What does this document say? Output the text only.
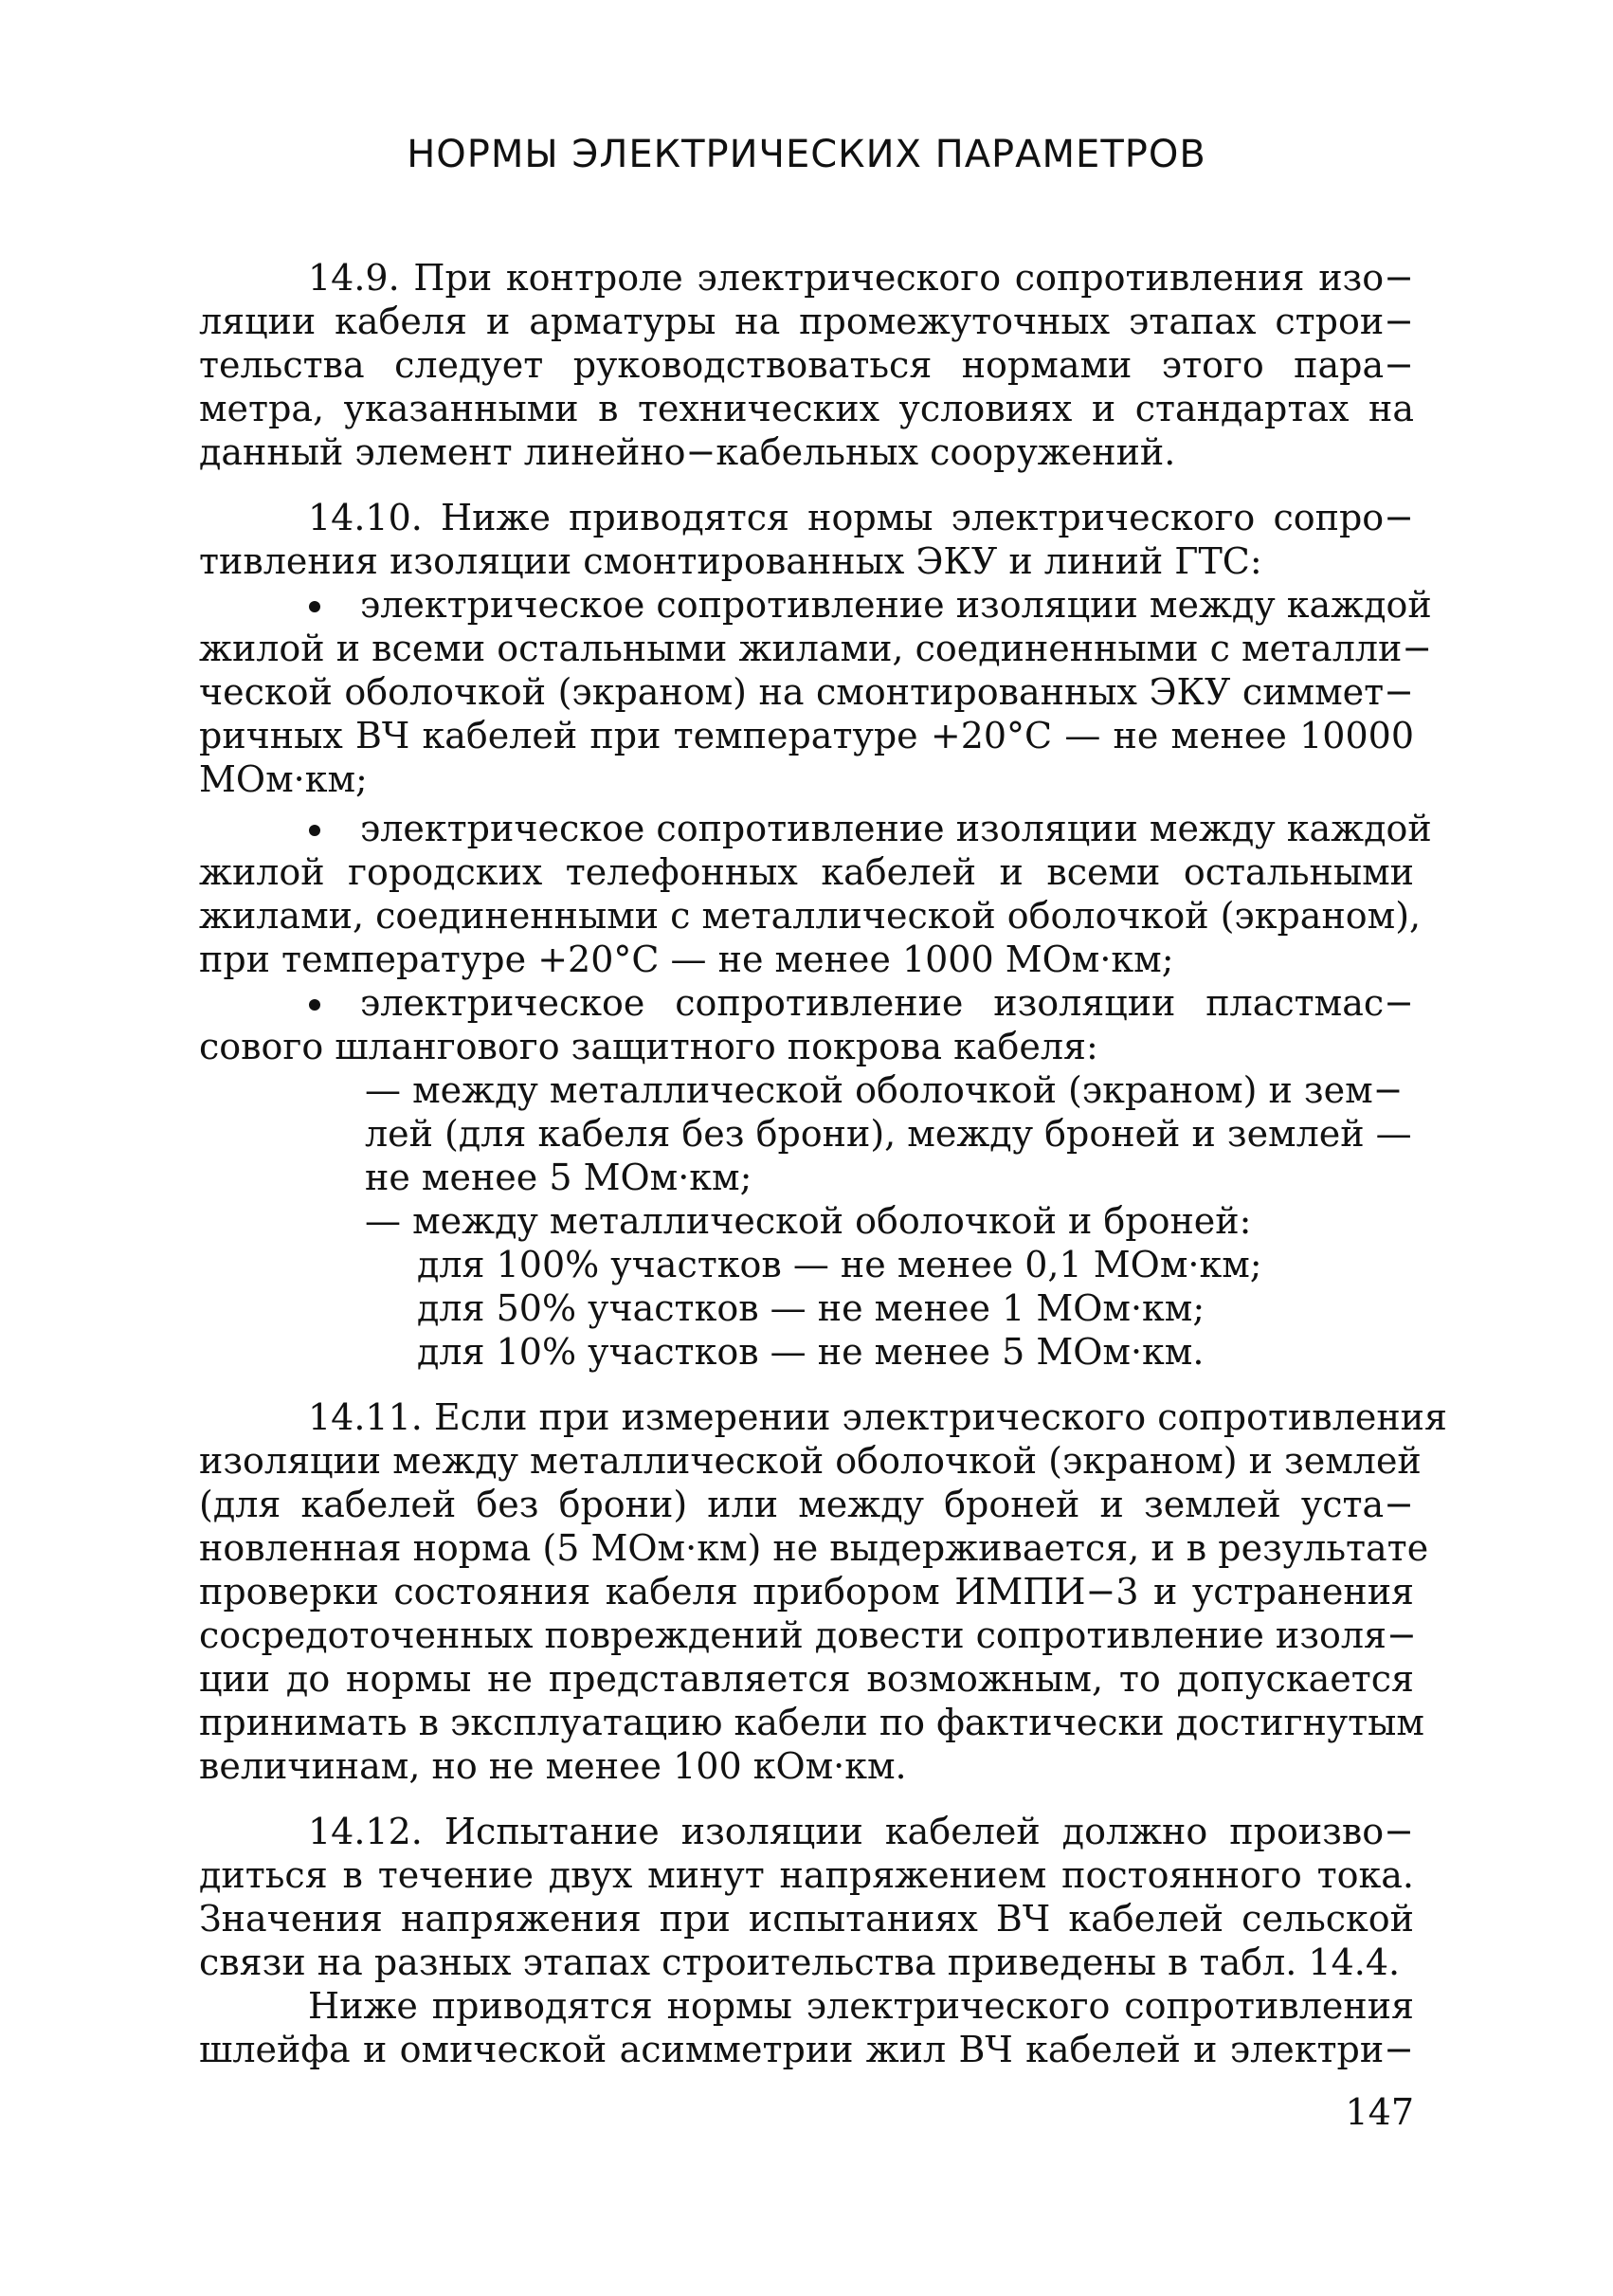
НОРМЫ ЭЛЕКТРИЧЕСКИХ ПАРАМЕТРОВ
14.9. При контроле электрического сопротивления изо−
ляции кабеля и арматуры на промежуточных этапах строи−
тельства следует руководствоваться нормами этого пара−
метра, указанными в технических условиях и стандартах на
данный элемент линейно−кабельных сооружений.
14.10. Ниже приводятся нормы электрического сопро−
тивления изоляции смонтированных ЭКУ и линий ГТС:
электрическое сопротивление изоляции между каждой
жилой и всеми остальными жилами, соединенными с металли−
ческой оболочкой (экраном) на смонтированных ЭКУ симмет−
ричных ВЧ кабелей при температуре +20°С — не менее 10000
МОм·км;
электрическое сопротивление изоляции между каждой
жилой городских телефонных кабелей и всеми остальными
жилами, соединенными с металлической оболочкой (экраном),
при температуре +20°С — не менее 1000 МОм·км;
электрическое сопротивление изоляции пластмас−
сового шлангового защитного покрова кабеля:
— между металлической оболочкой (экраном) и зем−
лей (для кабеля без брони), между броней и землей —
не менее 5 МОм·км;
— между металлической оболочкой и броней:
для 100% участков — не менее 0,1 МОм·км;
для 50% участков — не менее 1 МОм·км;
для 10% участков — не менее 5 МОм·км.
14.11. Если при измерении электрического сопротивления
изоляции между металлической оболочкой (экраном) и землей
(для кабелей без брони) или между броней и землей уста−
новленная норма (5 МОм·км) не выдерживается, и в результате
проверки состояния кабеля прибором ИМПИ−3 и устранения
сосредоточенных повреждений довести сопротивление изоля−
ции до нормы не представляется возможным, то допускается
принимать в эксплуатацию кабели по фактически достигнутым
величинам, но не менее 100 кОм·км.
14.12. Испытание изоляции кабелей должно произво−
диться в течение двух минут напряжением постоянного тока.
Значения напряжения при испытаниях ВЧ кабелей сельской
связи на разных этапах строительства приведены в табл. 14.4.
Ниже приводятся нормы электрического сопротивления
шлейфа и омической асимметрии жил ВЧ кабелей и электри−
147
